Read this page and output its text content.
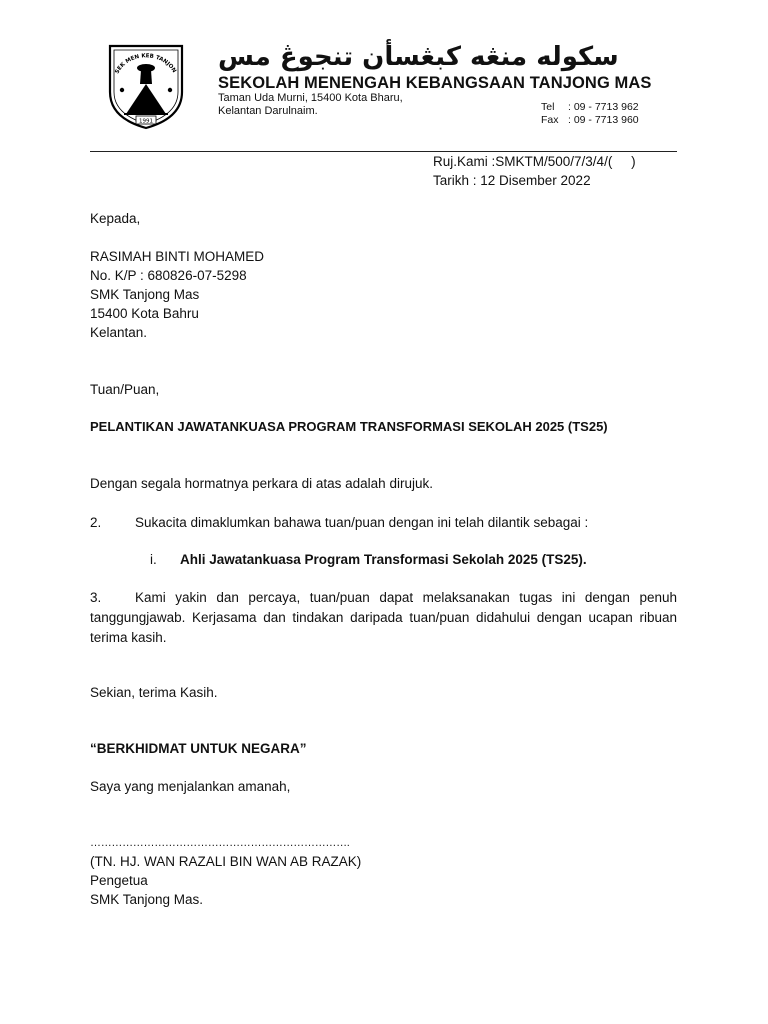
SEK MEN KEB TANJON
1991
سکوله منڠه کبڠسأن تنجوڠ مس
SEKOLAH MENENGAH KEBANGSAAN TANJONG MAS
Taman Uda Murni, 15400 Kota Bharu,
Kelantan Darulnaim.	Tel	: 09 - 7713 962
Fax	: 09 - 7713 960
Ruj.Kami :SMKTM/500/7/3/4/(     )
Tarikh : 12 Disember 2022
Kepada,
RASIMAH BINTI MOHAMED
No. K/P : 680826-07-5298
SMK Tanjong Mas
15400 Kota Bahru
Kelantan.
Tuan/Puan,
PELANTIKAN JAWATANKUASA PROGRAM TRANSFORMASI SEKOLAH 2025 (TS25)
Dengan segala hormatnya perkara di atas adalah dirujuk.
2. Sukacita dimaklumkan bahawa tuan/puan dengan ini telah dilantik sebagai :
i. Ahli Jawatankuasa Program Transformasi Sekolah 2025 (TS25).
3. Kami yakin dan percaya, tuan/puan dapat melaksanakan tugas ini dengan penuh tanggungjawab. Kerjasama dan tindakan daripada tuan/puan didahului dengan ucapan ribuan terima kasih.
Sekian, terima Kasih.
“BERKHIDMAT UNTUK NEGARA”
Saya yang menjalankan amanah,
……………………………………………………………….
(TN. HJ. WAN RAZALI BIN WAN AB RAZAK)
Pengetua
SMK Tanjong Mas.
